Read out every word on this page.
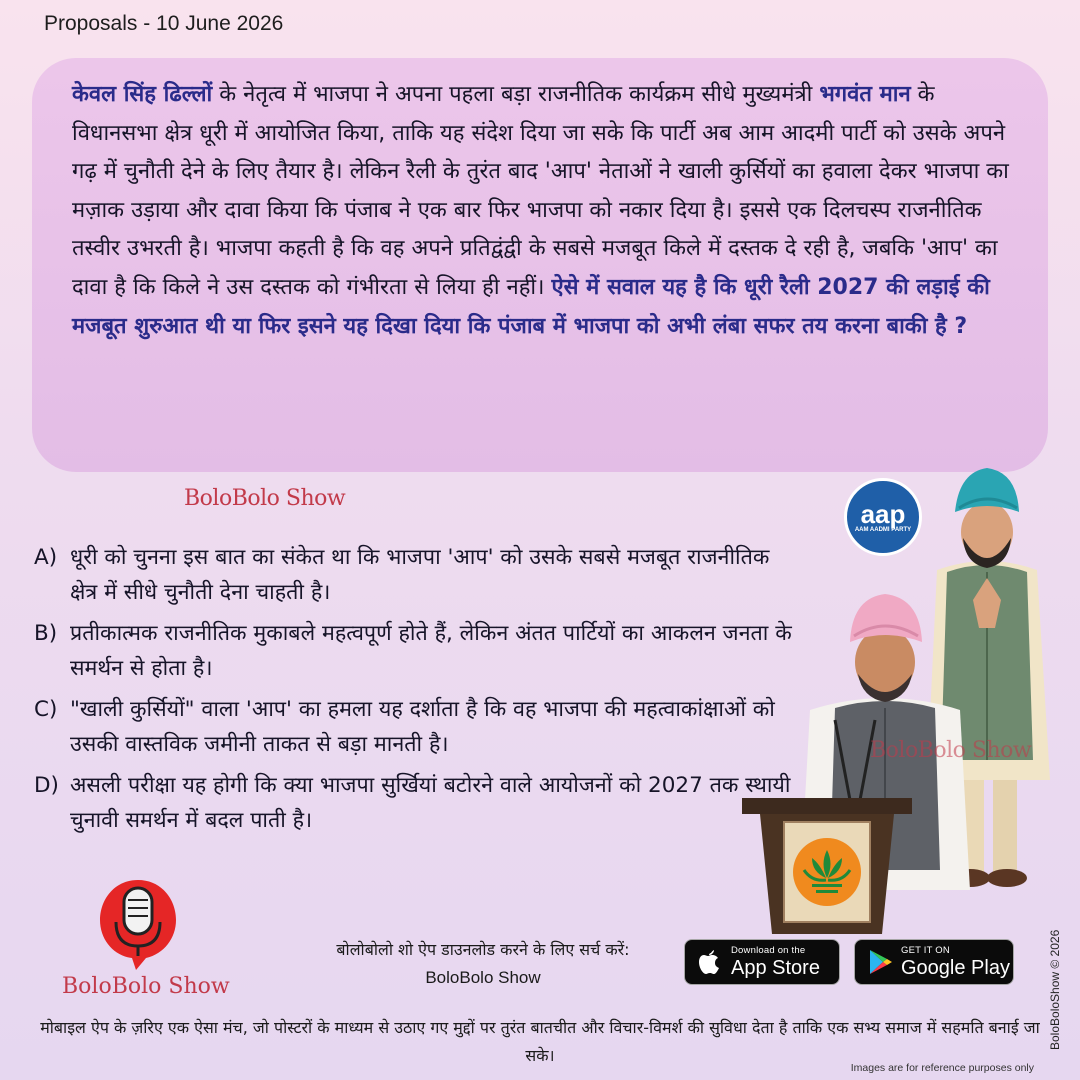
Proposals - 10 June 2026

केवल सिंह ढिल्लों के नेतृत्व में भाजपा ने अपना पहला बड़ा राजनीतिक कार्यक्रम सीधे मुख्यमंत्री भगवंत मान के विधानसभा क्षेत्र धूरी में आयोजित किया, ताकि यह संदेश दिया जा सके कि पार्टी अब आम आदमी पार्टी को उसके अपने गढ़ में चुनौती देने के लिए तैयार है। लेकिन रैली के तुरंत बाद 'आप' नेताओं ने खाली कुर्सियों का हवाला देकर भाजपा का मज़ाक उड़ाया और दावा किया कि पंजाब ने एक बार फिर भाजपा को नकार दिया है। इससे एक दिलचस्प राजनीतिक तस्वीर उभरती है। भाजपा कहती है कि वह अपने प्रतिद्वंद्वी के सबसे मजबूत किले में दस्तक दे रही है, जबकि 'आप' का दावा है कि किले ने उस दस्तक को गंभीरता से लिया ही नहीं। ऐसे में सवाल यह है कि धूरी रैली 2027 की लड़ाई की मजबूत शुरुआत थी या फिर इसने यह दिखा दिया कि पंजाब में भाजपा को अभी लंबा सफर तय करना बाकी है ?

BoloBolo Show
A) धूरी को चुनना इस बात का संकेत था कि भाजपा 'आप' को उसके सबसे मजबूत राजनीतिक क्षेत्र में सीधे चुनौती देना चाहती है।
B) प्रतीकात्मक राजनीतिक मुकाबले महत्वपूर्ण होते हैं, लेकिन अंतत पार्टियों का आकलन जनता के समर्थन से होता है।
C) "खाली कुर्सियों" वाला 'आप' का हमला यह दर्शाता है कि वह भाजपा की महत्वाकांक्षाओं को उसकी वास्तविक जमीनी ताकत से बड़ा मानती है।
D) असली परीक्षा यह होगी कि क्या भाजपा सुर्खियां बटोरने वाले आयोजनों को 2027 तक स्थायी चुनावी समर्थन में बदल पाती है।
aap
AAM AADMI PARTY
BoloBolo Show
BoloBolo Show
बोलोबोलो शो ऐप डाउनलोड करने के लिए सर्च करें:
BoloBolo Show
Download on the
App Store
GET IT ON
Google Play
मोबाइल ऐप के ज़रिए एक ऐसा मंच, जो पोस्टरों के माध्यम से उठाए गए मुद्दों पर तुरंत बातचीत और विचार-विमर्श की सुविधा देता है ताकि एक सभ्य समाज में सहमति बनाई जा सके।
Images are for reference purposes only
BoloBoloShow © 2026
